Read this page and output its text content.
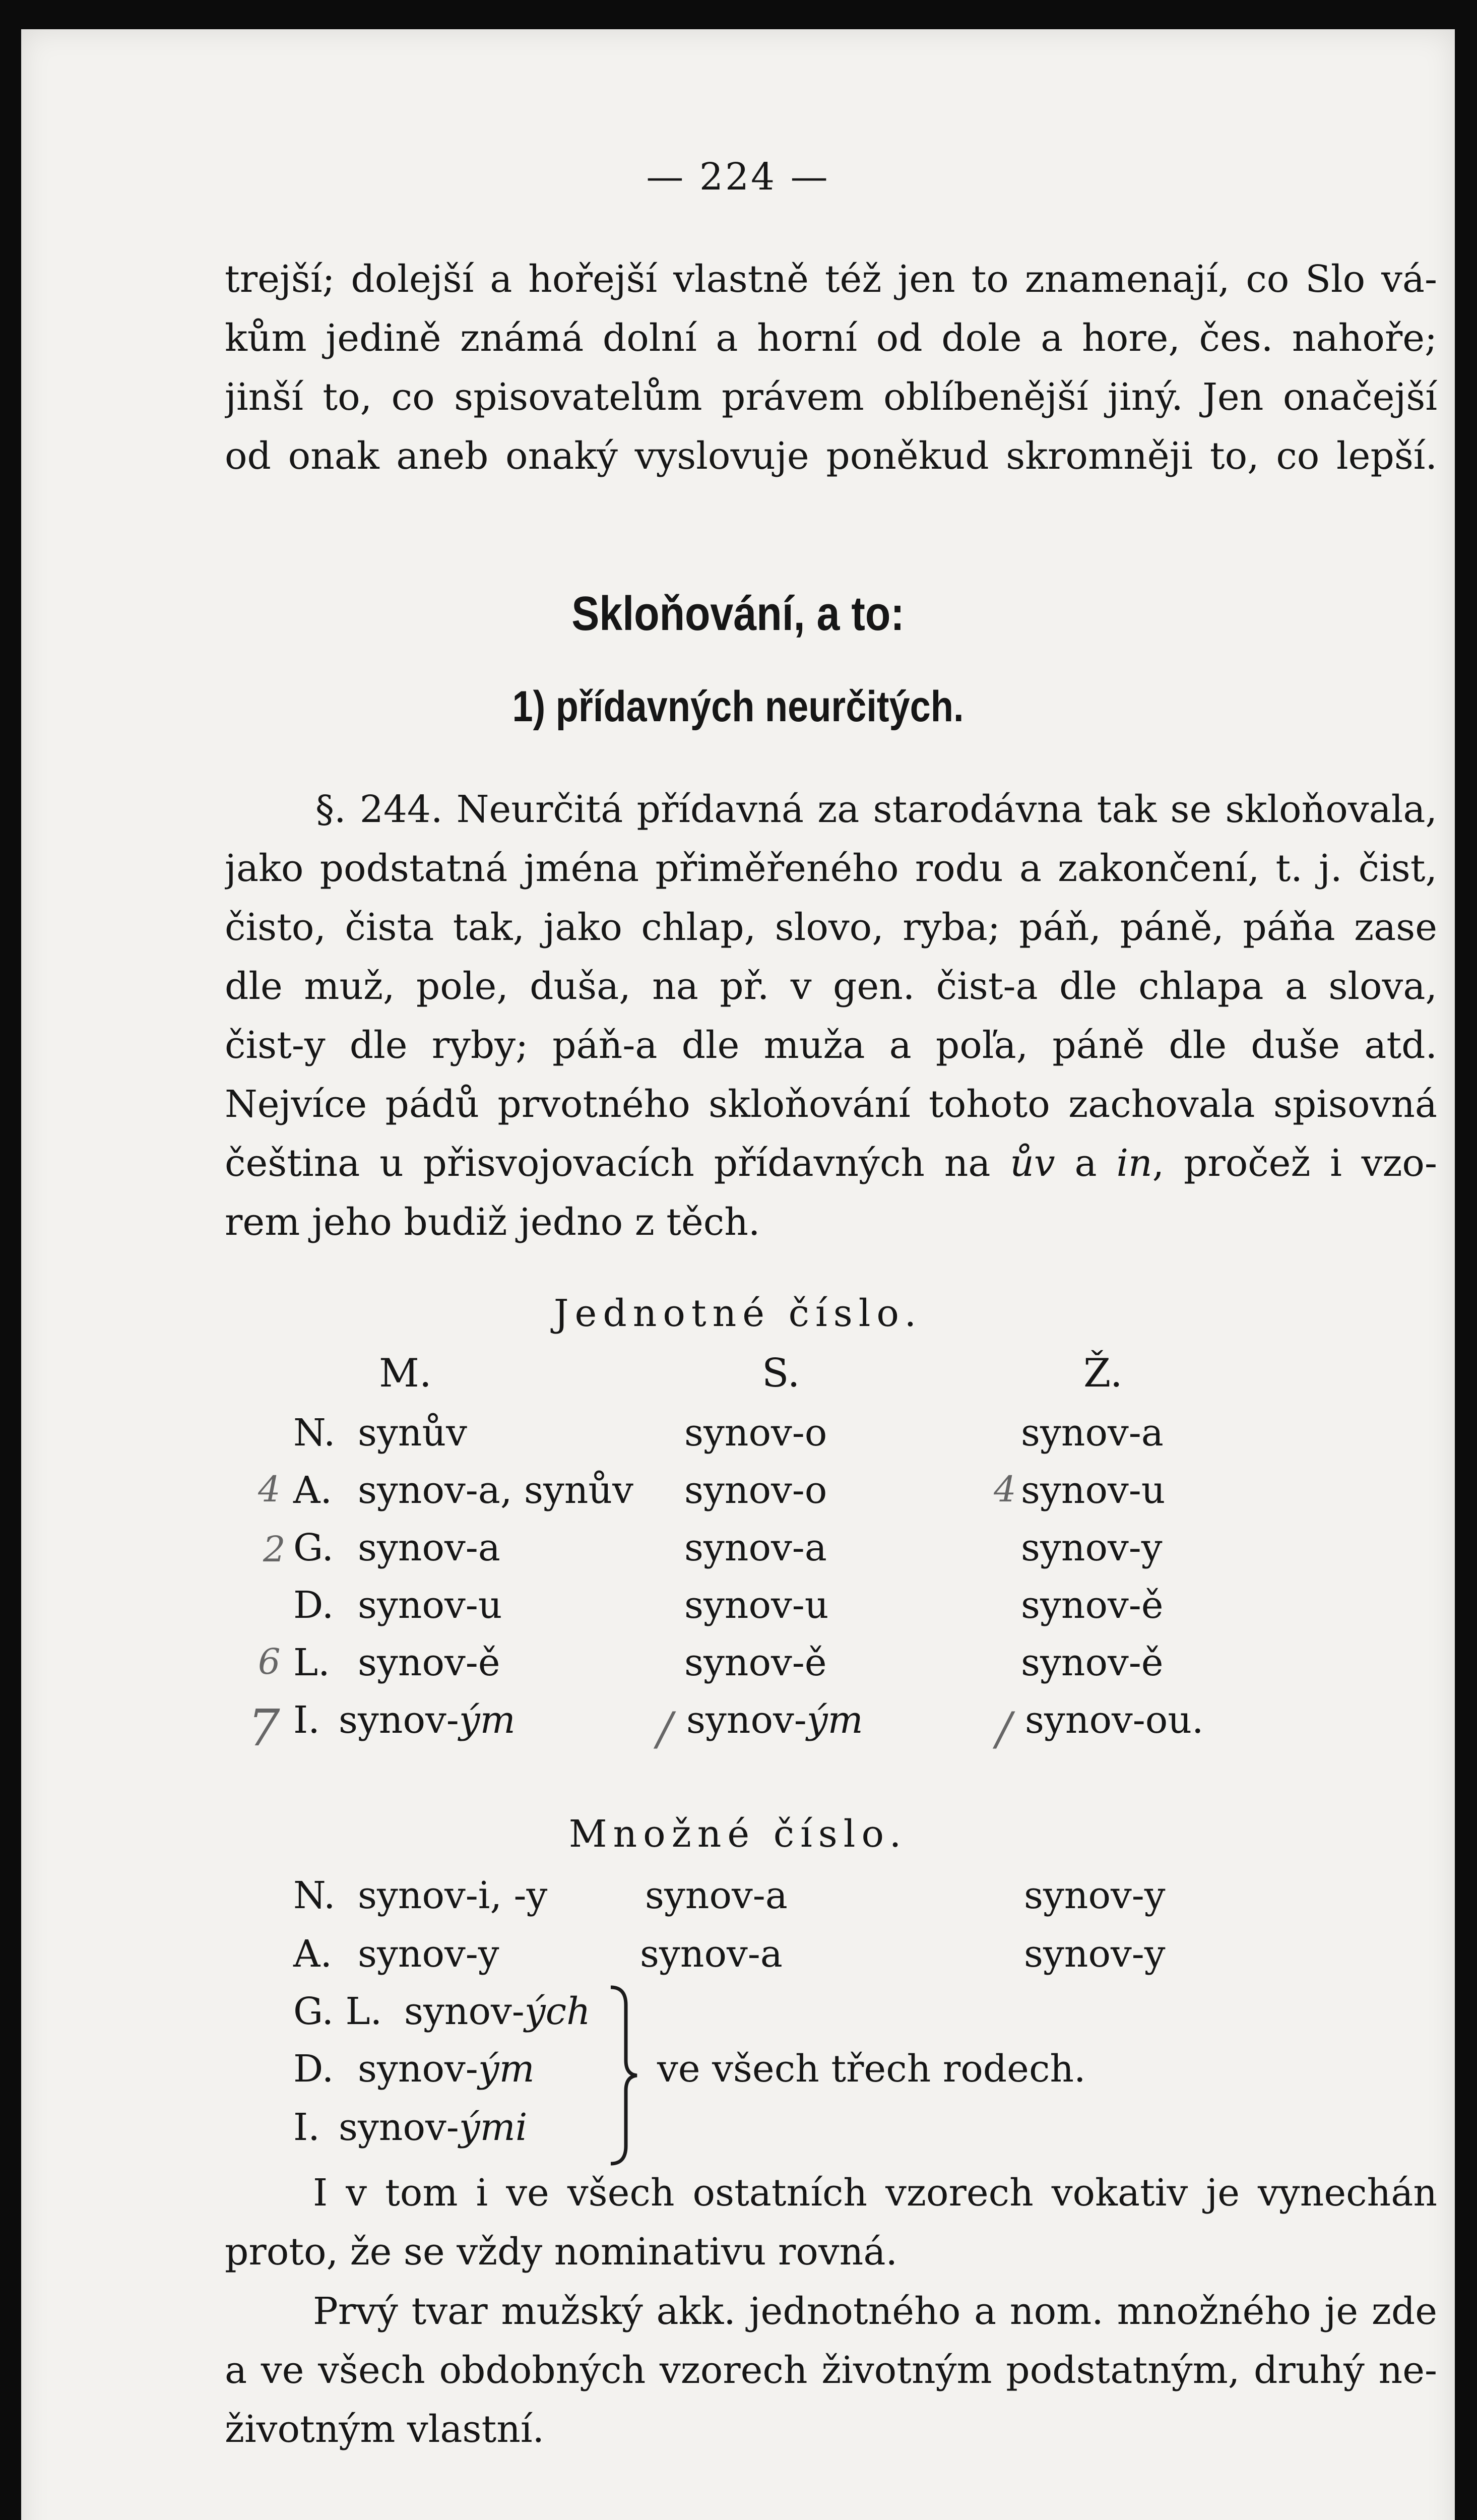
— 224 —
trejší; dolejší a hořejší vlastně též jen to znamenají, co Slo vá-
kům jedině známá dolní a horní od dole a hore, čes. nahoře;
jinší to, co spisovatelům právem oblíbenější jiný. Jen onačejší
od onak aneb onaký vyslovuje poněkud skromněji to, co lepší.
Skloňování, a to:
1) přídavných neurčitých.
§. 244. Neurčitá přídavná za starodávna tak se skloňovala,
jako podstatná jména přiměřeného rodu a zakončení, t. j. čist,
čisto, čista tak, jako chlap, slovo, ryba; páň, páně, páňa zase
dle muž, pole, duša, na př. v gen. čist-a dle chlapa a slova,
čist-y dle ryby; páň-a dle muža a poľa, páně dle duše atd.
Nejvíce pádů prvotného skloňování tohoto zachovala spisovná
čeština u přisvojovacích přídavných na ův a in, pročež i vzo-
rem jeho budiž jedno z těch.
Jednotné číslo.
M.	S.	Ž.
N. synův	synov-o	synov-a
A. synov-a, synův synov-o	synov-u
G. synov-a	synov-a	synov-y
D. synov-u	synov-u	synov-ě
L. synov-ě	synov-ě	synov-ě
I. synov-ým	synov-ým	synov-ou.
4
2
6
7
4
/	/
Množné číslo.
N. synov-i, -y	synov-a	synov-y
A. synov-y	synov-a	synov-y
G. L. synov-ých
D. synov-ým
I. synov-ými
ve všech třech rodech.
I v tom i ve všech ostatních vzorech vokativ je vynechán
proto, že se vždy nominativu rovná.
Prvý tvar mužský akk. jednotného a nom. množného je zde
a ve všech obdobných vzorech životným podstatným, druhý ne-
životným vlastní.
